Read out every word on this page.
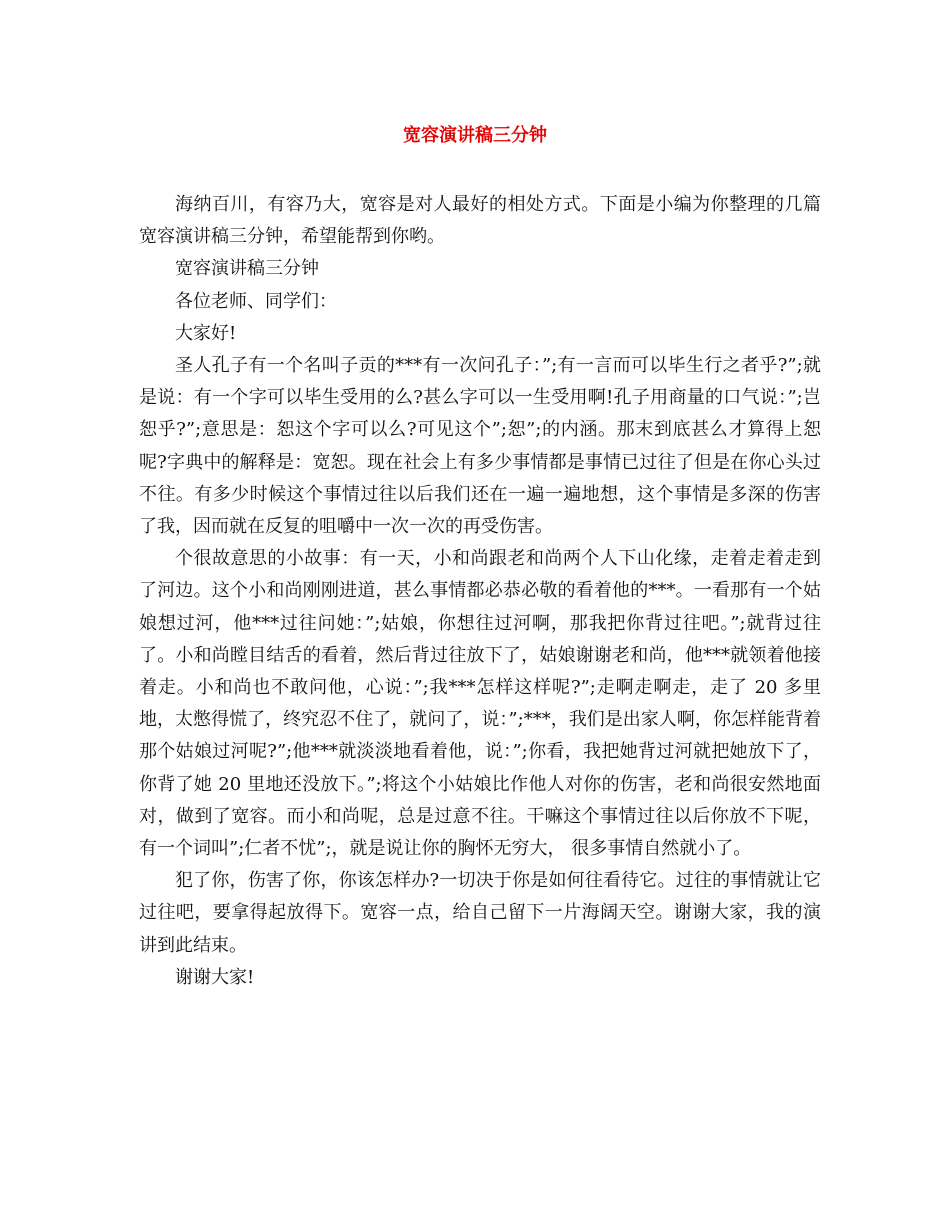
宽容演讲稿三分钟

海纳百川，有容乃大，宽容是对人最好的相处方式。下面是小编为你整理的几篇宽容演讲稿三分钟，希望能帮到你哟。

宽容演讲稿三分钟

各位老师、同学们：

大家好!

圣人孔子有一个名叫子贡的***有一次问孔子：”;有一言而可以毕生行之者乎?”;就是说：有一个字可以毕生受用的么?甚么字可以一生受用啊!孔子用商量的口气说：”;岂恕乎?”;意思是：恕这个字可以么?可见这个”;恕”;的内涵。那末到底甚么才算得上恕呢?字典中的解释是：宽恕。现在社会上有多少事情都是事情已过往了但是在你心头过不往。有多少时候这个事情过往以后我们还在一遍一遍地想，这个事情是多深的伤害了我，因而就在反复的咀嚼中一次一次的再受伤害。

个很故意思的小故事：有一天，小和尚跟老和尚两个人下山化缘，走着走着走到了河边。这个小和尚刚刚进道，甚么事情都必恭必敬的看着他的***。一看那有一个姑娘想过河，他***过往问她：”;姑娘，你想往过河啊，那我把你背过往吧。”;就背过往了。小和尚瞠目结舌的看着，然后背过往放下了，姑娘谢谢老和尚，他***就领着他接着走。小和尚也不敢问他，心说：”;我***怎样这样呢?”;走啊走啊走，走了 20 多里地，太憋得慌了，终究忍不住了，就问了，说：”;***，我们是出家人啊，你怎样能背着那个姑娘过河呢?”;他***就淡淡地看着他，说：”;你看，我把她背过河就把她放下了，你背了她 20 里地还没放下。”;将这个小姑娘比作他人对你的伤害，老和尚很安然地面对，做到了宽容。而小和尚呢，总是过意不往。干嘛这个事情过往以后你放不下呢，有一个词叫”;仁者不忧”;，就是说让你的胸怀无穷大， 很多事情自然就小了。

犯了你，伤害了你，你该怎样办?一切决于你是如何往看待它。过往的事情就让它过往吧，要拿得起放得下。宽容一点，给自己留下一片海阔天空。谢谢大家，我的演讲到此结束。

谢谢大家!
